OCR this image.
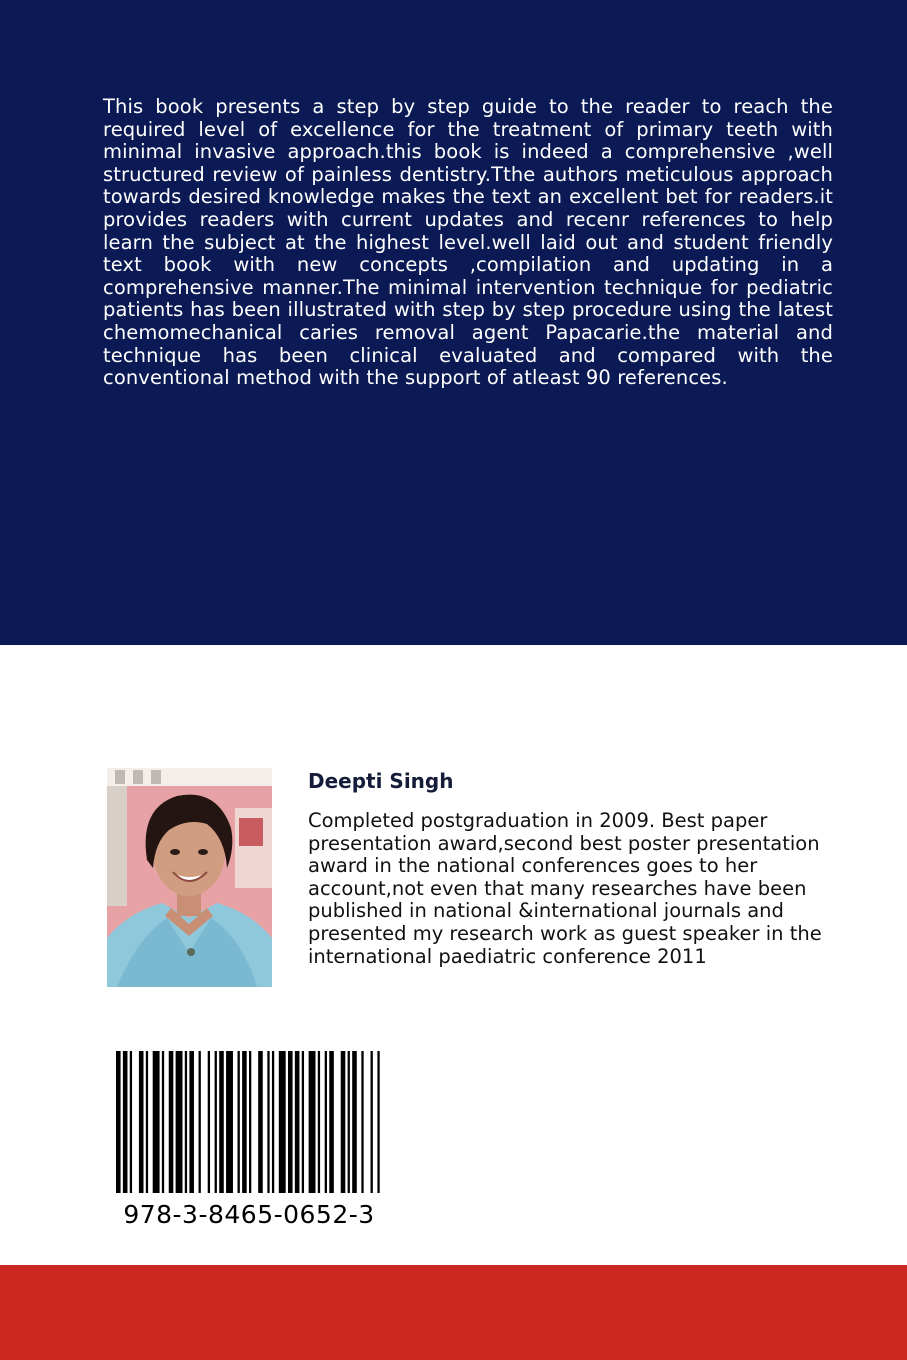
This book presents a step by step guide to the reader to reach the required level of excellence for the treatment of primary teeth with minimal invasive approach.this book is indeed a comprehensive ,well structured review of painless dentistry.Tthe authors meticulous approach towards desired knowledge makes the text an excellent bet for readers.it provides readers with current updates and recenr references to help learn the subject at the highest level.well laid out and student friendly text book with new concepts ,compilation and updating in a comprehensive manner.The minimal intervention technique for pediatric patients has been illustrated with step by step procedure using the latest chemomechanical caries removal agent Papacarie.the material and technique has been clinical evaluated and compared with the conventional method with the support of atleast 90 references.

Deepti Singh

Completed postgraduation in 2009. Best paper presentation award,second best poster presentation award in the national conferences goes to her account,not even that many researches have been published in national &international journals and presented my research work as guest speaker in the international paediatric conference 2011

978-3-8465-0652-3
